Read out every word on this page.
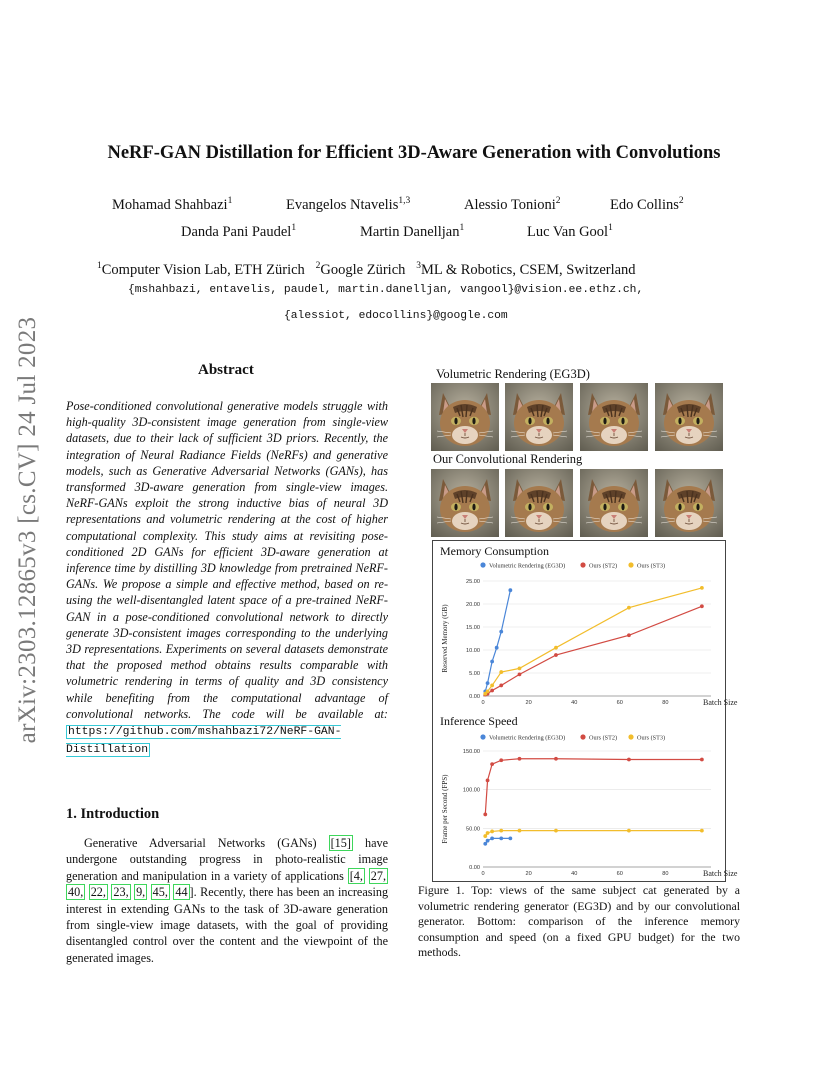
arXiv:2303.12865v3 [cs.CV] 24 Jul 2023
NeRF-GAN Distillation for Efficient 3D-Aware Generation with Convolutions
Mohamad Shahbazi$^1$	Evangelos Ntavelis$^{1,3}$	Alessio Tonioni$^2$	Edo Collins$^2$
Danda Pani Paudel$^1$	Martin Danelljan$^1$	Luc Van Gool$^1$
$^1$Computer Vision Lab, ETH Zürich $^2$Google Zürich $^3$ML & Robotics, CSEM, Switzerland
{mshahbazi, entavelis, paudel, martin.danelljan, vangool}@vision.ee.ethz.ch,
{alessiot, edocollins}@google.com
Abstract
Pose-conditioned convolutional generative models struggle with high-quality 3D-consistent image generation from single-view datasets, due to their lack of sufficient 3D priors. Recently, the integration of Neural Radiance Fields (NeRFs) and generative models, such as Generative Adversarial Networks (GANs), has transformed 3D-aware generation from single-view images. NeRF-GANs exploit the strong inductive bias of neural 3D representations and volumetric rendering at the cost of higher computational complexity. This study aims at revisiting pose-conditioned 2D GANs for efficient 3D-aware generation at inference time by distilling 3D knowledge from pretrained NeRF-GANs. We propose a simple and effective method, based on re-using the well-disentangled latent space of a pre-trained NeRF-GAN in a pose-conditioned convolutional network to directly generate 3D-consistent images corresponding to the underlying 3D representations. Experiments on several datasets demonstrate that the proposed method obtains results comparable with volumetric rendering in terms of quality and 3D consistency while benefiting from the computational advantage of convolutional networks. The code will be available at: https://github.com/mshahbazi72/NeRF-GAN-Distillation
1. Introduction
Generative Adversarial Networks (GANs) [15] have undergone outstanding progress in photo-realistic image generation and manipulation in a variety of applications [4, 27, 40, 22, 23, 9, 45, 44 ]. Recently, there has been an increasing interest in extending GANs to the task of 3D-aware generation from single-view image datasets, with the goal of providing disentangled control over the content and the viewpoint of the generated images.
Volumetric Rendering (EG3D)
Our Convolutional Rendering
Memory Consumption
Volumetric Rendering (EG3D)	Ours (ST2)	Ours (ST3)
0.00
5.00
10.00
15.00
20.00
25.00
0	20	40	60	80	Batch Size
Reserved Memory (GB)
Inference Speed
Volumetric Rendering (EG3D)	Ours (ST2)	Ours (ST3)
0.00
50.00
100.00
150.00
0	20	40	60	80	Batch Size
Frame per Second (FPS)
Figure 1. Top: views of the same subject cat generated by a volumetric rendering generator (EG3D) and by our convolutional generator. Bottom: comparison of the inference memory consumption and speed (on a fixed GPU budget) for the two methods.
